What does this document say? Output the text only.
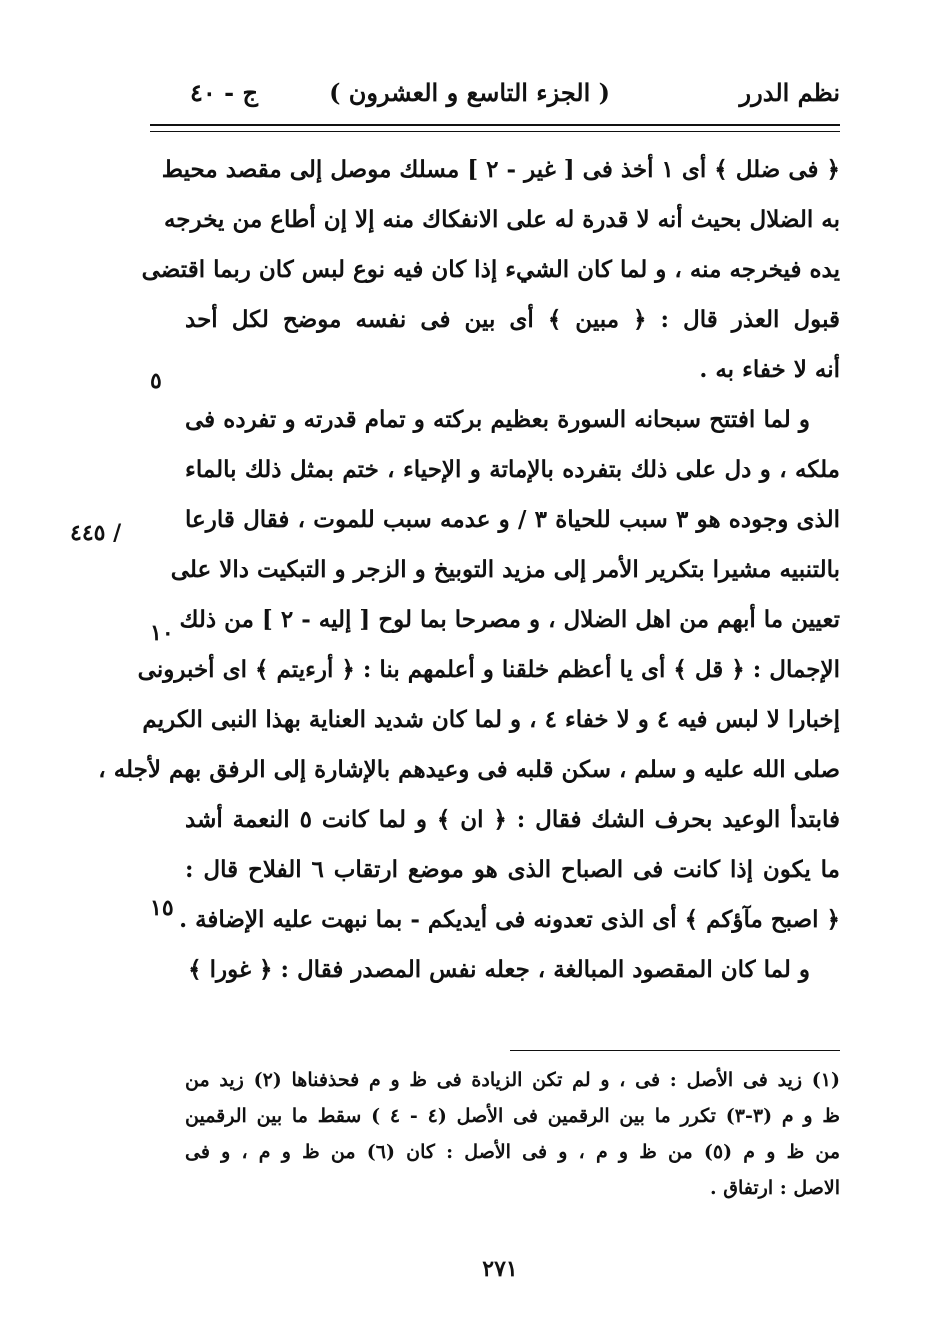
نظم الدرر
( الجزء التاسع و العشرون )
ج - ٤٠
﴿ فى ضلل ﴾ أى ١ أخذ فى [ غير - ٢ ] مسلك موصل إلى مقصد محيط
به الضلال بحيث أنه لا قدرة له على الانفكاك منه إلا إن أطاع من يخرجه
يده فيخرجه منه ، و لما كان الشيء إذا كان فيه نوع لبس كان ربما اقتضى
قبول العذر قال : ﴿ مبين ﴾ أى بين فى نفسه موضح لكل أحد
أنه لا خفاء به .
و لما افتتح سبحانه السورة بعظيم بركته و تمام قدرته و تفرده فى
ملكه ، و دل على ذلك بتفرده بالإماتة و الإحياء ، ختم بمثل ذلك بالماء
الذى وجوده هو ٣ سبب للحياة ٣ / و عدمه سبب للموت ، فقال قارعا
بالتنبيه مشيرا بتكرير الأمر إلى مزيد التوبيخ و الزجر و التبكيت دالا على
تعيين ما أبهم من اهل الضلال ، و مصرحا بما لوح [ إليه - ٢ ] من ذلك
الإجمال : ﴿ قل ﴾ أى يا أعظم خلقنا و أعلمهم بنا : ﴿ أرءيتم ﴾ اى أخبرونى
إخبارا لا لبس فيه ٤ و لا خفاء ٤ ، و لما كان شديد العناية بهذا النبى الكريم
صلى الله عليه و سلم ، سكن قلبه فى وعيدهم بالإشارة إلى الرفق بهم لأجله ،
فابتدأ الوعيد بحرف الشك فقال : ﴿ ان ﴾ و لما كانت ٥ النعمة أشد
ما يكون إذا كانت فى الصباح الذى هو موضع ارتقاب ٦ الفلاح قال :
﴿ اصبح مآؤكم ﴾ أى الذى تعدونه فى أيديكم - بما نبهت عليه الإضافة .
و لما كان المقصود المبالغة ، جعله نفس المصدر فقال : ﴿ غورا ﴾
٥
١٠
١٥
/ ٤٤٥
(١) زيد فى الأصل : فى ، و لم تكن الزيادة فى ظ و م فحذفناها (٢) زيد من
ظ و م (٣-٣) تكرر ما بين الرقمين فى الأصل (٤ - ٤ ) سقط ما بين الرقمين
من ظ و م (٥) من ظ و م ، و فى الأصل : كان (٦) من ظ و م ، و فى
الاصل : ارتفاق .
٢٧١
